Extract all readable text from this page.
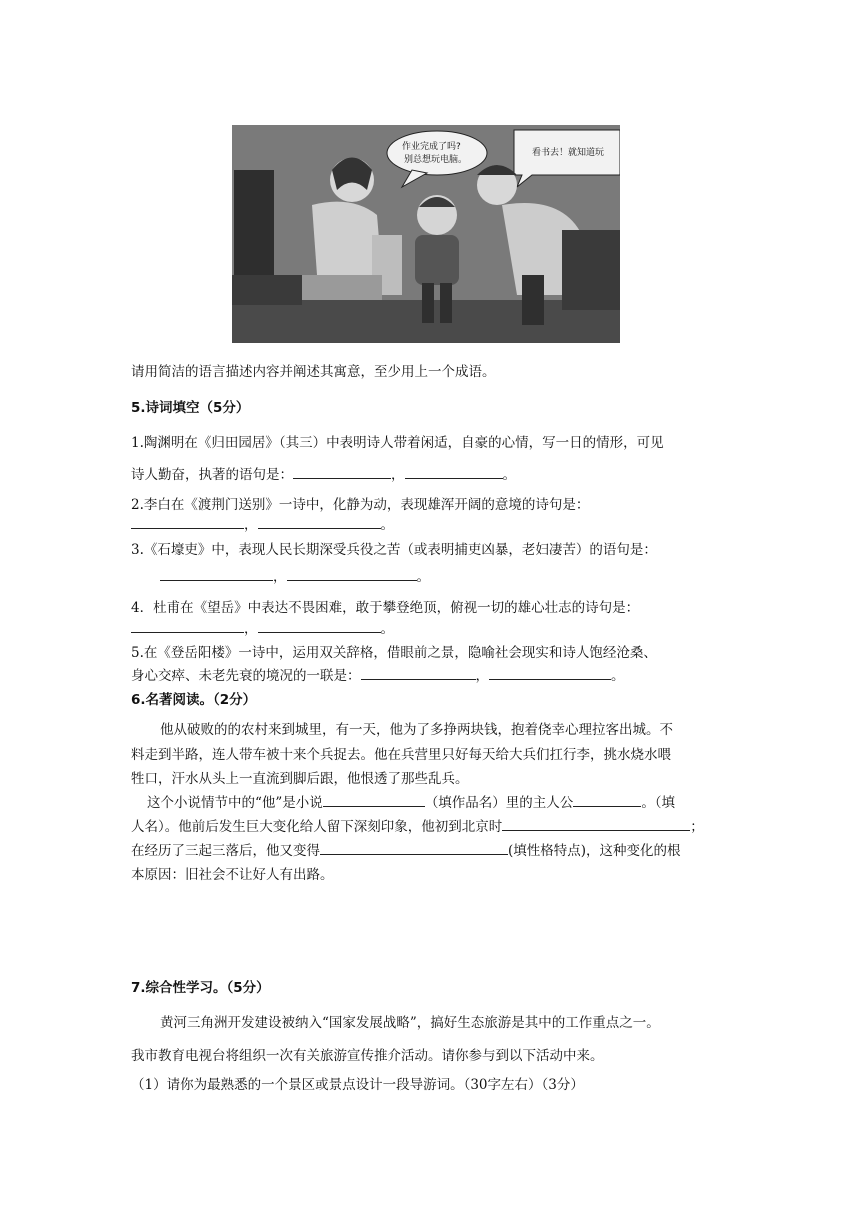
作业完成了吗?
别总想玩电脑。
看书去！就知道玩
请用简洁的语言描述内容并阐述其寓意，至少用上一个成语。
5.诗词填空（5分）
1.陶渊明在《归田园居》（其三）中表明诗人带着闲适，自豪的心情，写一日的情形，可见
诗人勤奋，执著的语句是：	，	。
2.李白在《渡荆门送别》一诗中，化静为动，表现雄浑开阔的意境的诗句是：
，	。
3.《石壕吏》中，表现人民长期深受兵役之苦（或表明捕吏凶暴，老妇凄苦）的语句是：
，	。
4．杜甫在《望岳》中表达不畏困难，敢于攀登绝顶，俯视一切的雄心壮志的诗句是：
，	。
5.在《登岳阳楼》一诗中，运用双关辞格，借眼前之景，隐喻社会现实和诗人饱经沧桑、
身心交瘁、未老先衰的境况的一联是：	，	。
6.名著阅读。（2分）
他从破败的的农村来到城里，有一天，他为了多挣两块钱，抱着侥幸心理拉客出城。不
料走到半路，连人带车被十来个兵捉去。他在兵营里只好每天给大兵们扛行李，挑水烧水喂
牲口，汗水从头上一直流到脚后跟，他恨透了那些乱兵。
这个小说情节中的“他”是小说	（填作品名）里的主人公	。（填
人名）。他前后发生巨大变化给人留下深刻印象，他初到北京时	；
在经历了三起三落后，他又变得	(填性格特点)，这种变化的根
本原因：旧社会不让好人有出路。
7.综合性学习。（5分）
黄河三角洲开发建设被纳入“国家发展战略”，搞好生态旅游是其中的工作重点之一。
我市教育电视台将组织一次有关旅游宣传推介活动。请你参与到以下活动中来。
（1）请你为最熟悉的一个景区或景点设计一段导游词。（30字左右）（3分）
